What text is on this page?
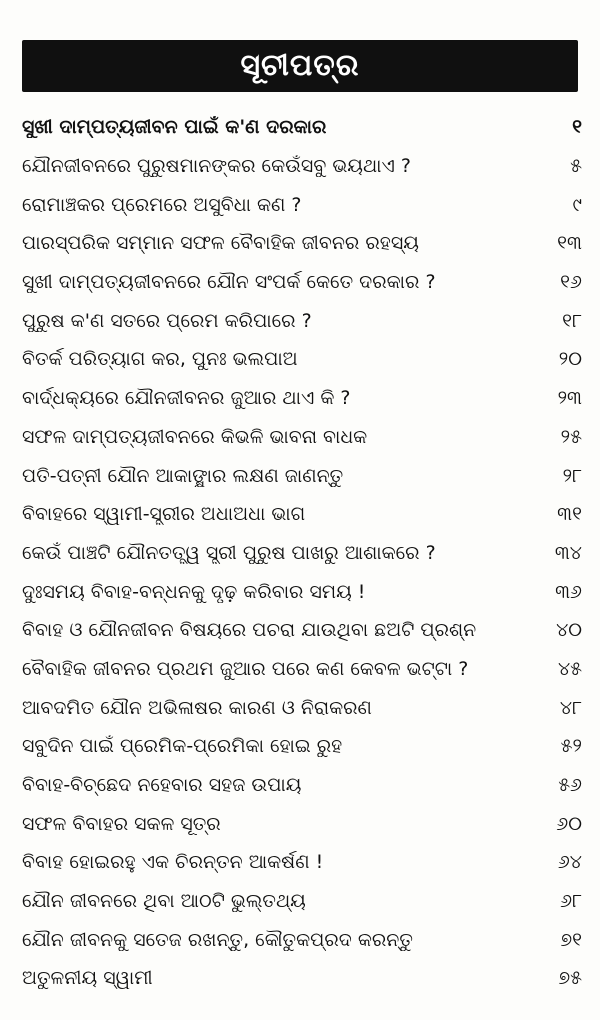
ସୂଚୀପତ୍ର
ସୁଖୀ ଦାମ୍ପତ୍ୟଜୀବନ ପାଇଁ କ'ଣ ଦରକାର	୧
ଯୌନଜୀବନରେ ପୁରୁଷମାନଙ୍କର କେଉଁସବୁ ଭୟଥାଏ ?	୫
ରୋମାଞ୍ଚକର ପ୍ରେମରେ ଅସୁବିଧା କଣ ?	୯
ପାରସ୍ପରିକ ସମ୍ମାନ ସଫଳ ବୈବାହିକ ଜୀବନର ରହସ୍ୟ	୧୩
ସୁଖୀ ଦାମ୍ପତ୍ୟଜୀବନରେ ଯୌନ ସଂପର୍କ କେତେ ଦରକାର ?	୧୬
ପୁରୁଷ କ'ଣ ସତରେ ପ୍ରେମ କରିପାରେ ?	୧୮
ବିତର୍କ ପରିତ୍ୟାଗ କର, ପୁନଃ ଭଲପାଅ	୨୦
ବାର୍ଦ୍ଧକ୍ୟରେ ଯୌନଜୀବନର ଜୁଆର ଥାଏ କି ?	୨୩
ସଫଳ ଦାମ୍ପତ୍ୟଜୀବନରେ କିଭଳି ଭାବନା ବାଧକ	୨୫
ପତି-ପତ୍ନୀ ଯୌନ ଆକାଙ୍କ୍ଷାର ଲକ୍ଷଣ ଜାଣନ୍ତୁ	୨୮
ବିବାହରେ ସ୍ୱାମୀ-ସ୍ତ୍ରୀର ଅଧାଅଧା ଭାଗ	୩୧
କେଉଁ ପାଞ୍ଚଟି ଯୌନତତ୍ତ୍ୱ ସ୍ତ୍ରୀ ପୁରୁଷ ପାଖରୁ ଆଶାକରେ ?	୩୪
ଦୁଃସମୟ ବିବାହ-ବନ୍ଧନକୁ ଦୃଢ଼ କରିବାର ସମୟ !	୩୬
ବିବାହ ଓ ଯୌନଜୀବନ ବିଷୟରେ ପଚରା ଯାଉଥିବା ଛଅଟି ପ୍ରଶ୍ନ	୪୦
ବୈବାହିକ ଜୀବନର ପ୍ରଥମ ଜୁଆର ପରେ କଣ କେବଳ ଭଟ୍ଟା ?	୪୫
ଆବଦମିତ ଯୌନ ଅଭିଳାଷର କାରଣ ଓ ନିରାକରଣ	୪୮
ସବୁଦିନ ପାଇଁ ପ୍ରେମିକ-ପ୍ରେମିକା ହୋଇ ରୁହ	୫୨
ବିବାହ-ବିଚ୍ଛେଦ ନହେବାର ସହଜ ଉପାୟ	୫୬
ସଫଳ ବିବାହର ସକଳ ସୂତ୍ର	୬୦
ବିବାହ ହୋଇରହୁ ଏକ ଚିରନ୍ତନ ଆକର୍ଷଣ !	୬୪
ଯୌନ ଜୀବନରେ ଥିବା ଆଠଟି ଭୁଲ୍‌ତଥ୍ୟ	୬୮
ଯୌନ ଜୀବନକୁ ସତେଜ ରଖନ୍ତୁ, କୌତୁକପ୍ରଦ କରନ୍ତୁ	୭୧
ଅତୁଳନୀୟ ସ୍ୱାମୀ	୭୫
